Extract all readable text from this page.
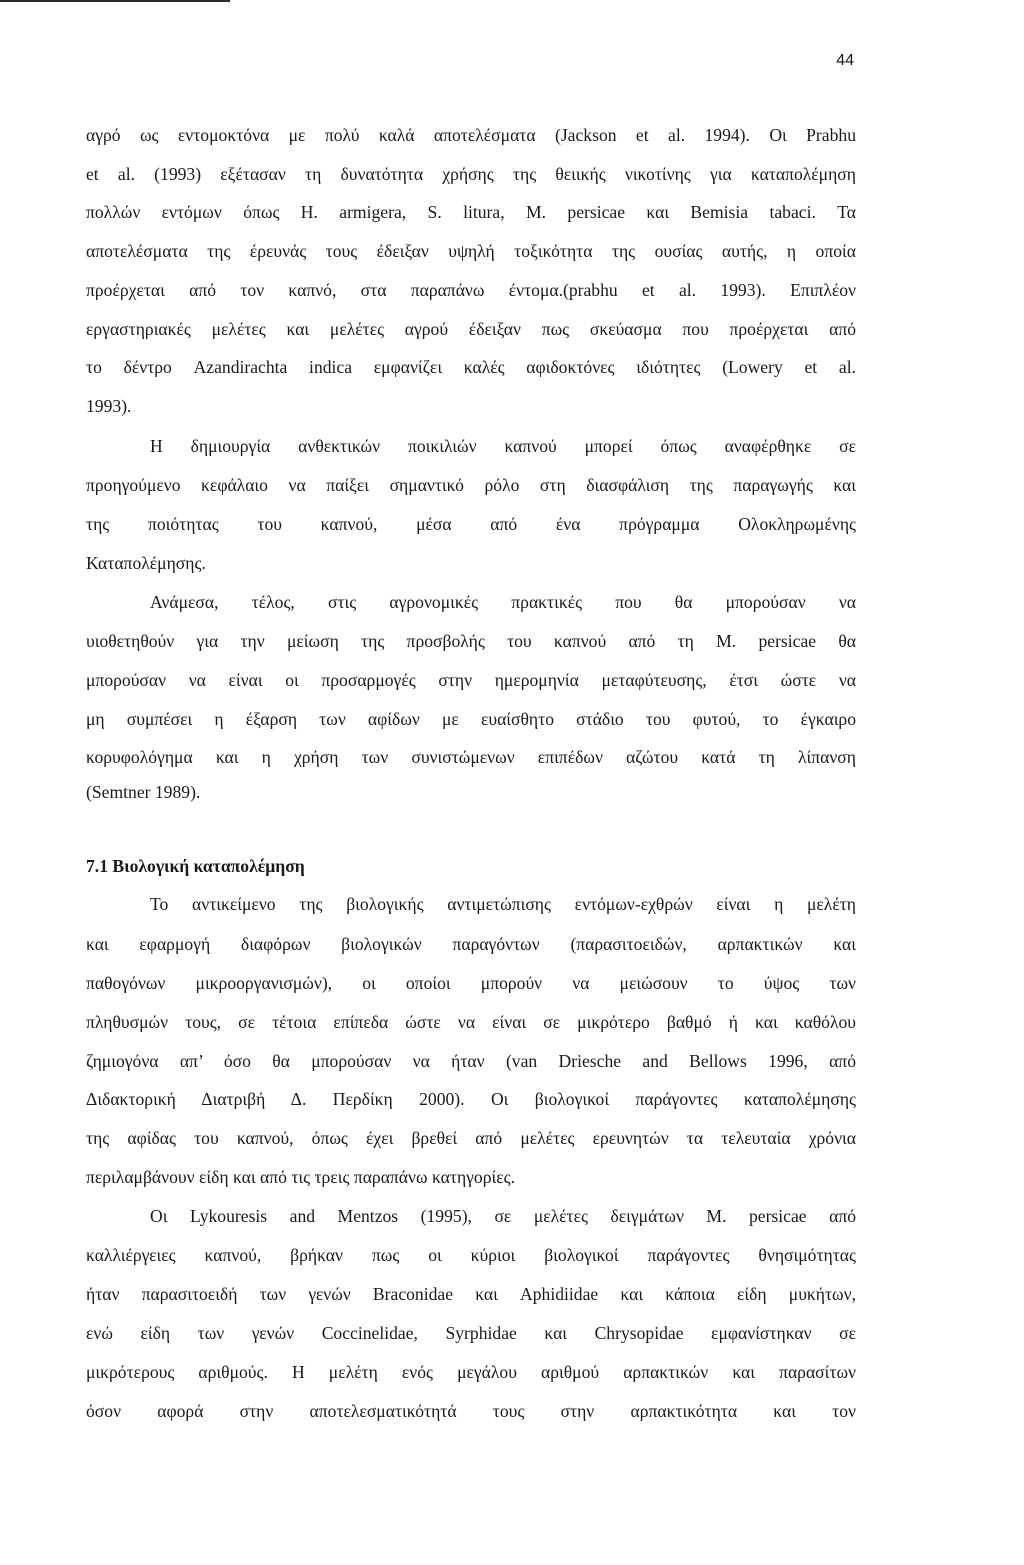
44
αγρό ως εντομοκτόνα με πολύ καλά αποτελέσματα (Jackson et al. 1994). Οι Prabhu
et al. (1993) εξέτασαν τη δυνατότητα χρήσης της θειικής νικοτίνης για καταπολέμηση
πολλών εντόμων όπως H. armigera, S. litura, M. persicae και Bemisia tabaci. Τα
αποτελέσματα της έρευνάς τους έδειξαν υψηλή τοξικότητα της ουσίας αυτής, η οποία
προέρχεται από τον καπνό, στα παραπάνω έντομα.(prabhu et al. 1993). Επιπλέον
εργαστηριακές μελέτες και μελέτες αγρού έδειξαν πως σκεύασμα που προέρχεται από
το δέντρο Azandirachta indica εμφανίζει καλές αφιδοκτόνες ιδιότητες (Lowery et al.
1993).
Η δημιουργία ανθεκτικών ποικιλιών καπνού μπορεί όπως αναφέρθηκε σε
προηγούμενο κεφάλαιο να παίξει σημαντικό ρόλο στη διασφάλιση της παραγωγής και
της ποιότητας του καπνού, μέσα από ένα πρόγραμμα Ολοκληρωμένης
Καταπολέμησης.
Ανάμεσα, τέλος, στις αγρονομικές πρακτικές που θα μπορούσαν να
υιοθετηθούν για την μείωση της προσβολής του καπνού από τη M. persicae θα
μπορούσαν να είναι οι προσαρμογές στην ημερομηνία μεταφύτευσης, έτσι ώστε να
μη συμπέσει η έξαρση των αφίδων με ευαίσθητο στάδιο του φυτού, το έγκαιρο
κορυφολόγημα και η χρήση των συνιστώμενων επιπέδων αζώτου κατά τη λίπανση
(Semtner 1989).
7.1 Βιολογική καταπολέμηση
Το αντικείμενο της βιολογικής αντιμετώπισης εντόμων-εχθρών είναι η μελέτη
και εφαρμογή διαφόρων βιολογικών παραγόντων (παρασιτοειδών, αρπακτικών και
παθογόνων μικροοργανισμών), οι οποίοι μπορούν να μειώσουν το ύψος των
πληθυσμών τους, σε τέτοια επίπεδα ώστε να είναι σε μικρότερο βαθμό ή και καθόλου
ζημιογόνα απ’ όσο θα μπορούσαν να ήταν (van Driesche and Bellows 1996, από
Διδακτορική Διατριβή Δ. Περδίκη 2000). Οι βιολογικοί παράγοντες καταπολέμησης
της αφίδας του καπνού, όπως έχει βρεθεί από μελέτες ερευνητών τα τελευταία χρόνια
περιλαμβάνουν είδη και από τις τρεις παραπάνω κατηγορίες.
Οι Lykouresis and Mentzos (1995), σε μελέτες δειγμάτων M. persicae από
καλλιέργειες καπνού, βρήκαν πως οι κύριοι βιολογικοί παράγοντες θνησιμότητας
ήταν παρασιτοειδή των γενών Braconidae και Aphidiidae και κάποια είδη μυκήτων,
ενώ είδη των γενών Coccinelidae, Syrphidae και Chrysopidae εμφανίστηκαν σε
μικρότερους αριθμούς. Η μελέτη ενός μεγάλου αριθμού αρπακτικών και παρασίτων
όσον αφορά στην αποτελεσματικότητά τους στην αρπακτικότητα και τον
